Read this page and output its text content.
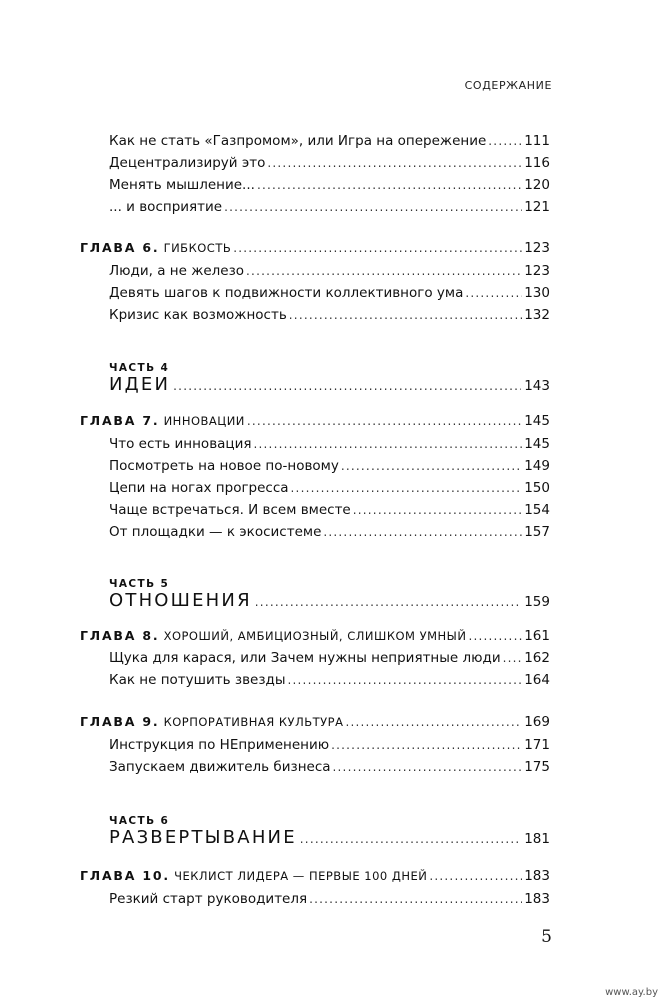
СОДЕРЖАНИЕ
Как не стать «Газпромом», или Игра на опережение .....	111
Децентрализируй это .....	116
Менять мышление... .....	120
... и восприятие .....	121
ГЛАВА 6. ГИБКОСТЬ .....	123
Люди, а не железо .....	123
Девять шагов к подвижности коллективного ума .....	130
Кризис как возможность .....	132
ЧАСТЬ 4
ИДЕИ .....	143
ГЛАВА 7. ИННОВАЦИИ .....	145
Что есть инновация .....	145
Посмотреть на новое по-новому .....	149
Цепи на ногах прогресса .....	150
Чаще встречаться. И всем вместе .....	154
От площадки — к экосистеме .....	157
ЧАСТЬ 5
ОТНОШЕНИЯ .....	159
ГЛАВА 8. ХОРОШИЙ, АМБИЦИОЗНЫЙ, СЛИШКОМ УМНЫЙ .....	161
Щука для карася, или Зачем нужны неприятные люди ..... 162
Как не потушить звезды .....	164
ГЛАВА 9. КОРПОРАТИВНАЯ КУЛЬТУРА .....	169
Инструкция по НЕприменению .....	171
Запускаем движитель бизнеса .....	175
ЧАСТЬ 6
РАЗВЕРТЫВАНИЕ .....	181
ГЛАВА 10. ЧЕКЛИСТ ЛИДЕРА — ПЕРВЫЕ 100 ДНЕЙ .....	183
Резкий старт руководителя .....	183
5
www.ay.by
